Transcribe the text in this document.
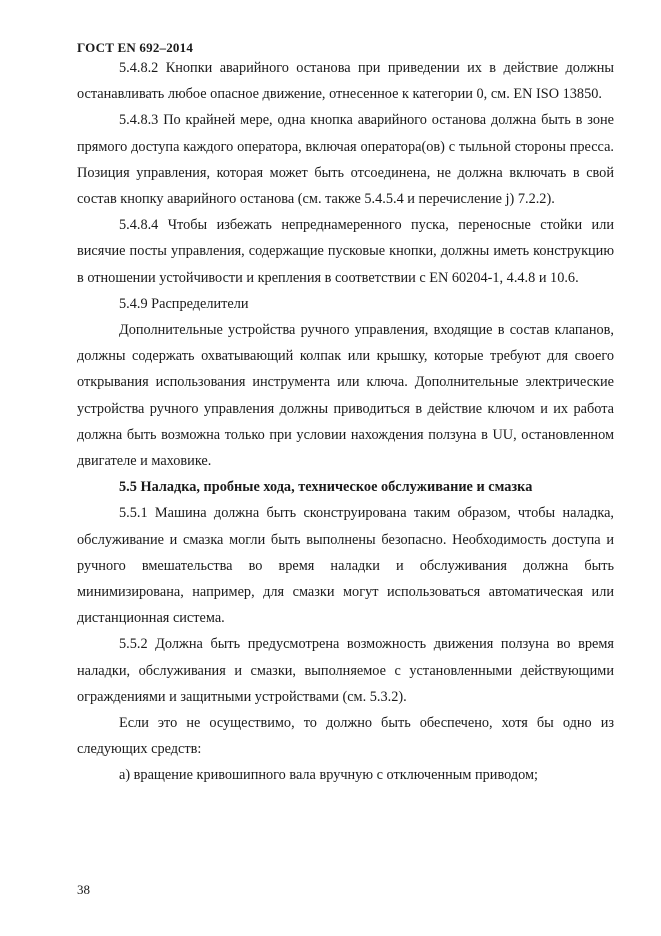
ГОСТ EN 692–2014

5.4.8.2 Кнопки аварийного останова при приведении их в действие должны останавливать любое опасное движение, отнесенное к категории 0, см. EN ISO 13850.

5.4.8.3 По крайней мере, одна кнопка аварийного останова должна быть в зоне прямого доступа каждого оператора, включая оператора(ов) с тыльной стороны пресса. Позиция управления, которая может быть отсоединена, не должна включать в свой состав кнопку аварийного останова (см. также 5.4.5.4 и перечисление j) 7.2.2).

5.4.8.4 Чтобы избежать непреднамеренного пуска, переносные стойки или висячие посты управления, содержащие пусковые кнопки, должны иметь конструкцию в отношении устойчивости и крепления в соответствии с EN 60204-1, 4.4.8 и 10.6.

5.4.9 Распределители

Дополнительные устройства ручного управления, входящие в состав клапанов, должны содержать охватывающий колпак или крышку, которые требуют для своего открывания использования инструмента или ключа. Дополнительные электрические устройства ручного управления должны приводиться в действие ключом и их работа должна быть возможна только при условии нахождения ползуна в UU, остановленном двигателе и маховике.

5.5 Наладка, пробные хода, техническое обслуживание и смазка

5.5.1 Машина должна быть сконструирована таким образом, чтобы наладка, обслуживание и смазка могли быть выполнены безопасно. Необходимость доступа и ручного вмешательства во время наладки и обслуживания должна быть минимизирована, например, для смазки могут использоваться автоматическая или дистанционная система.

5.5.2 Должна быть предусмотрена возможность движения ползуна во время наладки, обслуживания и смазки, выполняемое с установленными действующими ограждениями и защитными устройствами (см. 5.3.2).

Если это не осуществимо, то должно быть обеспечено, хотя бы одно из следующих средств:

а) вращение кривошипного вала вручную с отключенным приводом;

38
